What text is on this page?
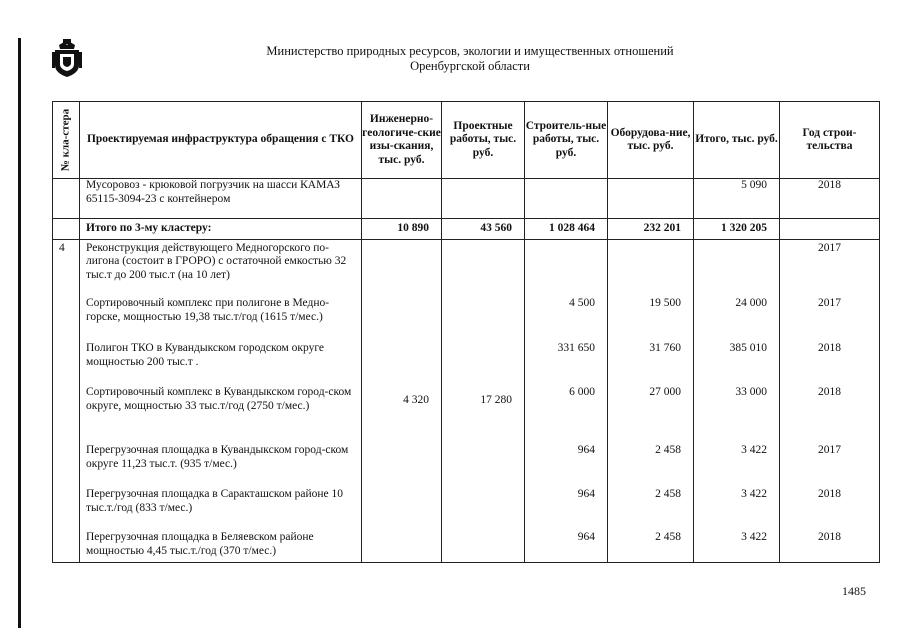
Министерство природных ресурсов, экологии и имущественных отношений
Оренбургской области
№ кла-стера	Проектируемая инфраструктура обращения с ТКО	Инженерно-геологиче-ские изы-скания, тыс. руб.	Проектные работы, тыс. руб.	Строитель-ные работы, тыс. руб.	Оборудова-ние, тыс. руб.	Итого, тыс. руб.	Год строи-тельства
	Мусоровоз - крюковой погрузчик на шасси КАМАЗ 65115-3094-23 с контейнером					5 090	2018

	Итого по 3-му кластеру:	10 890	43 560	1 028 464	232 201	1 320 205	
4	Реконструкция действующего Медногорского по-лигона (состоит в ГРОРО) с остаточной емкостью 32 тыс.т до 200 тыс.т (на 10 лет)	4 320	17 280				2017
	Сортировочный комплекс при полигоне в Медно-горске, мощностью 19,38 тыс.т/год (1615 т/мес.)			4 500	19 500	24 000	2017
	Полигон ТКО в Кувандыкском городском округе мощностью 200 тыс.т .			331 650	31 760	385 010	2018
	Сортировочный комплекс в Кувандыкском город-ском округе, мощностью 33 тыс.т/год (2750 т/мес.)			6 000	27 000	33 000	2018
	Перегрузочная площадка в Кувандыкском город-ском округе 11,23 тыс.т. (935 т/мес.)			964	2 458	3 422	2017
	Перегрузочная площадка в Саракташском районе 10 тыс.т./год (833 т/мес.)			964	2 458	3 422	2018
	Перегрузочная площадка в Беляевском районе мощностью 4,45 тыс.т./год (370 т/мес.)			964	2 458	3 422	2018
1485
